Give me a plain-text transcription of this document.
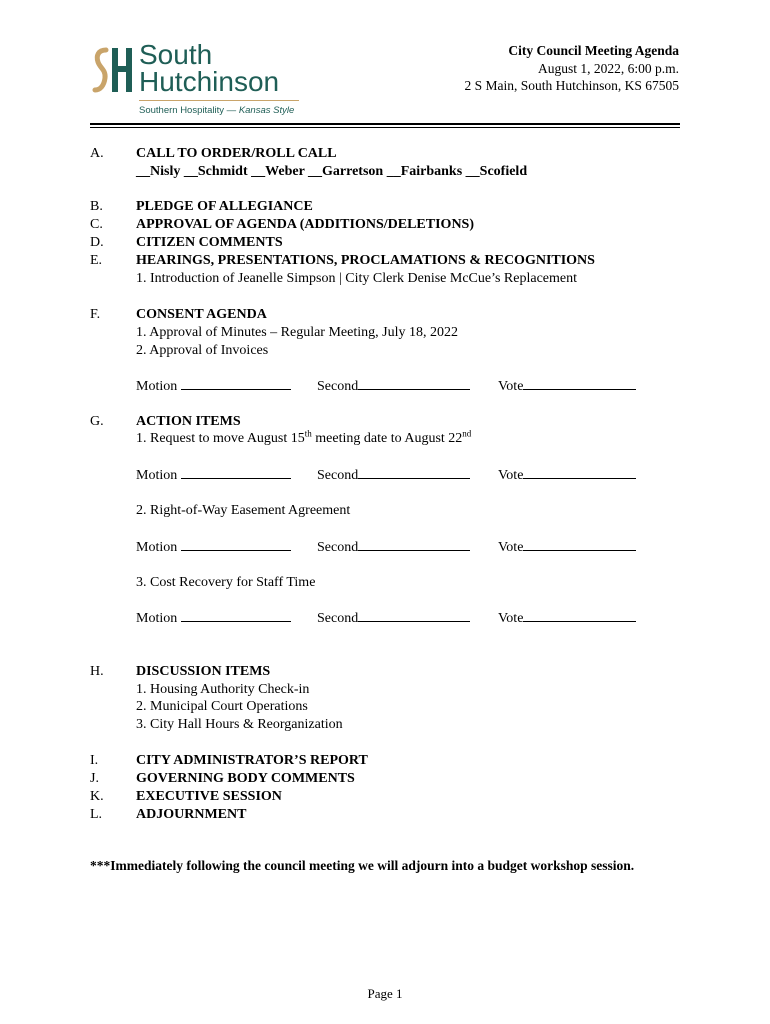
South
Hutchinson
Southern Hospitality — Kansas Style
City Council Meeting Agenda
August 1, 2022, 6:00 p.m.
2 S Main, South Hutchinson, KS 67505
A. CALL TO ORDER/ROLL CALL
__Nisly __Schmidt __Weber __Garretson __Fairbanks __Scofield
B. PLEDGE OF ALLEGIANCE
C. APPROVAL OF AGENDA (ADDITIONS/DELETIONS)
D. CITIZEN COMMENTS
E. HEARINGS, PRESENTATIONS, PROCLAMATIONS & RECOGNITIONS
1. Introduction of Jeanelle Simpson | City Clerk Denise McCue’s Replacement
F.	CONSENT AGENDA
1. Approval of Minutes – Regular Meeting, July 18, 2022
2. Approval of Invoices
Motion	Second	Vote
G. ACTION ITEMS
1. Request to move August 15th meeting date to August 22nd
Motion	Second	Vote
2. Right-of-Way Easement Agreement
Motion	Second	Vote
3. Cost Recovery for Staff Time
Motion	Second	Vote
H. DISCUSSION ITEMS
1. Housing Authority Check-in
2. Municipal Court Operations
3. City Hall Hours & Reorganization
I.	CITY ADMINISTRATOR’S REPORT
J.	GOVERNING BODY COMMENTS
K. EXECUTIVE SESSION
L. ADJOURNMENT
***Immediately following the council meeting we will adjourn into a budget workshop session.
Page 1
